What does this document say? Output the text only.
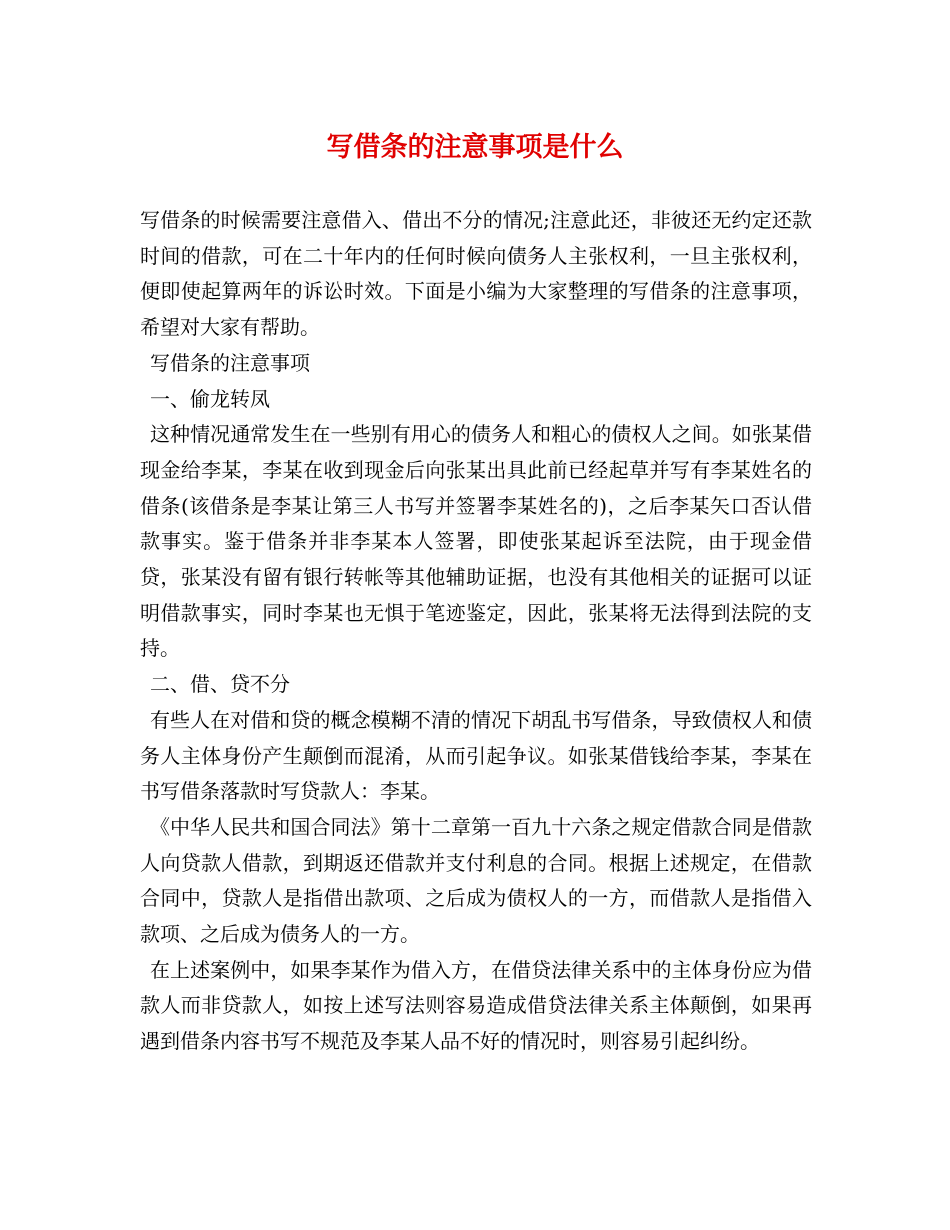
写借条的注意事项是什么

写借条的时候需要注意借入、借出不分的情况;注意此还，非彼还无约定还款时间的借款，可在二十年内的任何时候向债务人主张权利，一旦主张权利，便即使起算两年的诉讼时效。下面是小编为大家整理的写借条的注意事项，希望对大家有帮助。

写借条的注意事项

一、偷龙转凤

这种情况通常发生在一些别有用心的债务人和粗心的债权人之间。如张某借现金给李某，李某在收到现金后向张某出具此前已经起草并写有李某姓名的借条(该借条是李某让第三人书写并签署李某姓名的)，之后李某矢口否认借款事实。鉴于借条并非李某本人签署，即使张某起诉至法院，由于现金借贷，张某没有留有银行转帐等其他辅助证据，也没有其他相关的证据可以证明借款事实，同时李某也无惧于笔迹鉴定，因此，张某将无法得到法院的支持。

二、借、贷不分

有些人在对借和贷的概念模糊不清的情况下胡乱书写借条，导致债权人和债务人主体身份产生颠倒而混淆，从而引起争议。如张某借钱给李某，李某在书写借条落款时写贷款人：李某。

《中华人民共和国合同法》第十二章第一百九十六条之规定借款合同是借款人向贷款人借款，到期返还借款并支付利息的合同。根据上述规定，在借款合同中，贷款人是指借出款项、之后成为债权人的一方，而借款人是指借入款项、之后成为债务人的一方。

在上述案例中，如果李某作为借入方，在借贷法律关系中的主体身份应为借款人而非贷款人，如按上述写法则容易造成借贷法律关系主体颠倒，如果再遇到借条内容书写不规范及李某人品不好的情况时，则容易引起纠纷。
